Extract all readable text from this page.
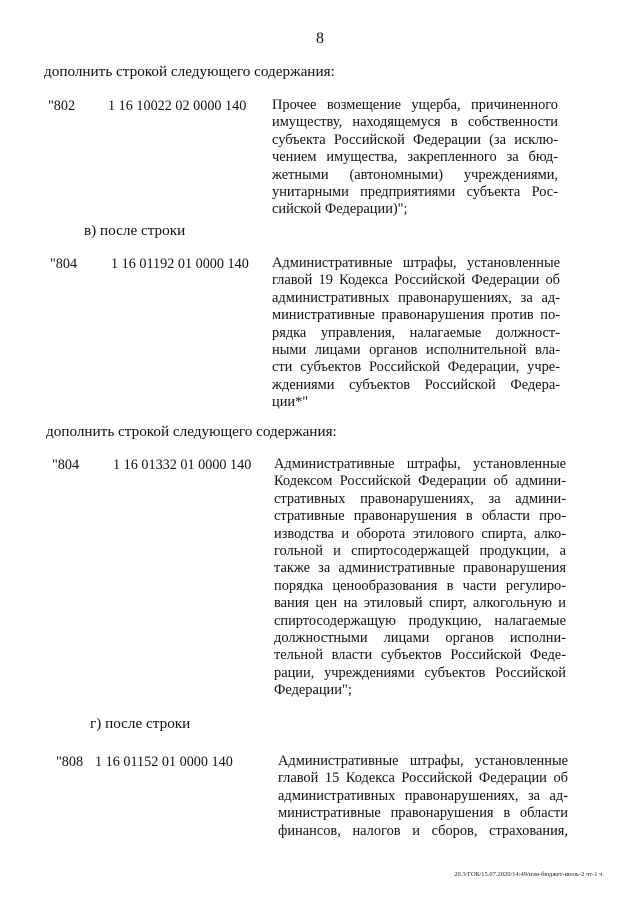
8
дополнить строкой следующего содержания:
"802 1 16 10022 02 0000 140 Прочее возмещение ущерба, причиненного
имуществу, находящемуся в собственности
субъекта Российской Федерации (за исклю-
чением имущества, закрепленного за бюд-
жетными (автономными) учреждениями,
унитарными предприятиями субъекта Рос-
сийской Федерации)";
в) после строки
"804 1 16 01192 01 0000 140 Административные штрафы, установленные
главой 19 Кодекса Российской Федерации об
административных правонарушениях, за ад-
министративные правонарушения против по-
рядка управления, налагаемые должност-
ными лицами органов исполнительной вла-
сти субъектов Российской Федерации, учре-
ждениями субъектов Российской Федера-
ции*"
дополнить строкой следующего содержания:
"804 1 16 01332 01 0000 140 Административные штрафы, установленные
Кодексом Российской Федерации об админи-
стративных правонарушениях, за админи-
стративные правонарушения в области про-
изводства и оборота этилового спирта, алко-
гольной и спиртосодержащей продукции, а
также за административные правонарушения
порядка ценообразования в части регулиро-
вания цен на этиловый спирт, алкогольную и
спиртосодержащую продукцию, налагаемые
должностными лицами органов исполни-
тельной власти субъектов Российской Феде-
рации, учреждениями субъектов Российской
Федерации";
г) после строки
"808 1 16 01152 01 0000 140	Административные штрафы, установленные
главой 15 Кодекса Российской Федерации об
административных правонарушениях, за ад-
министративные правонарушения в области
финансов, налогов и сборов, страхования,
20.3/ГОБ/15.07.2020/14:49/изм-бюджет-июль-2 чт-1 ч.
